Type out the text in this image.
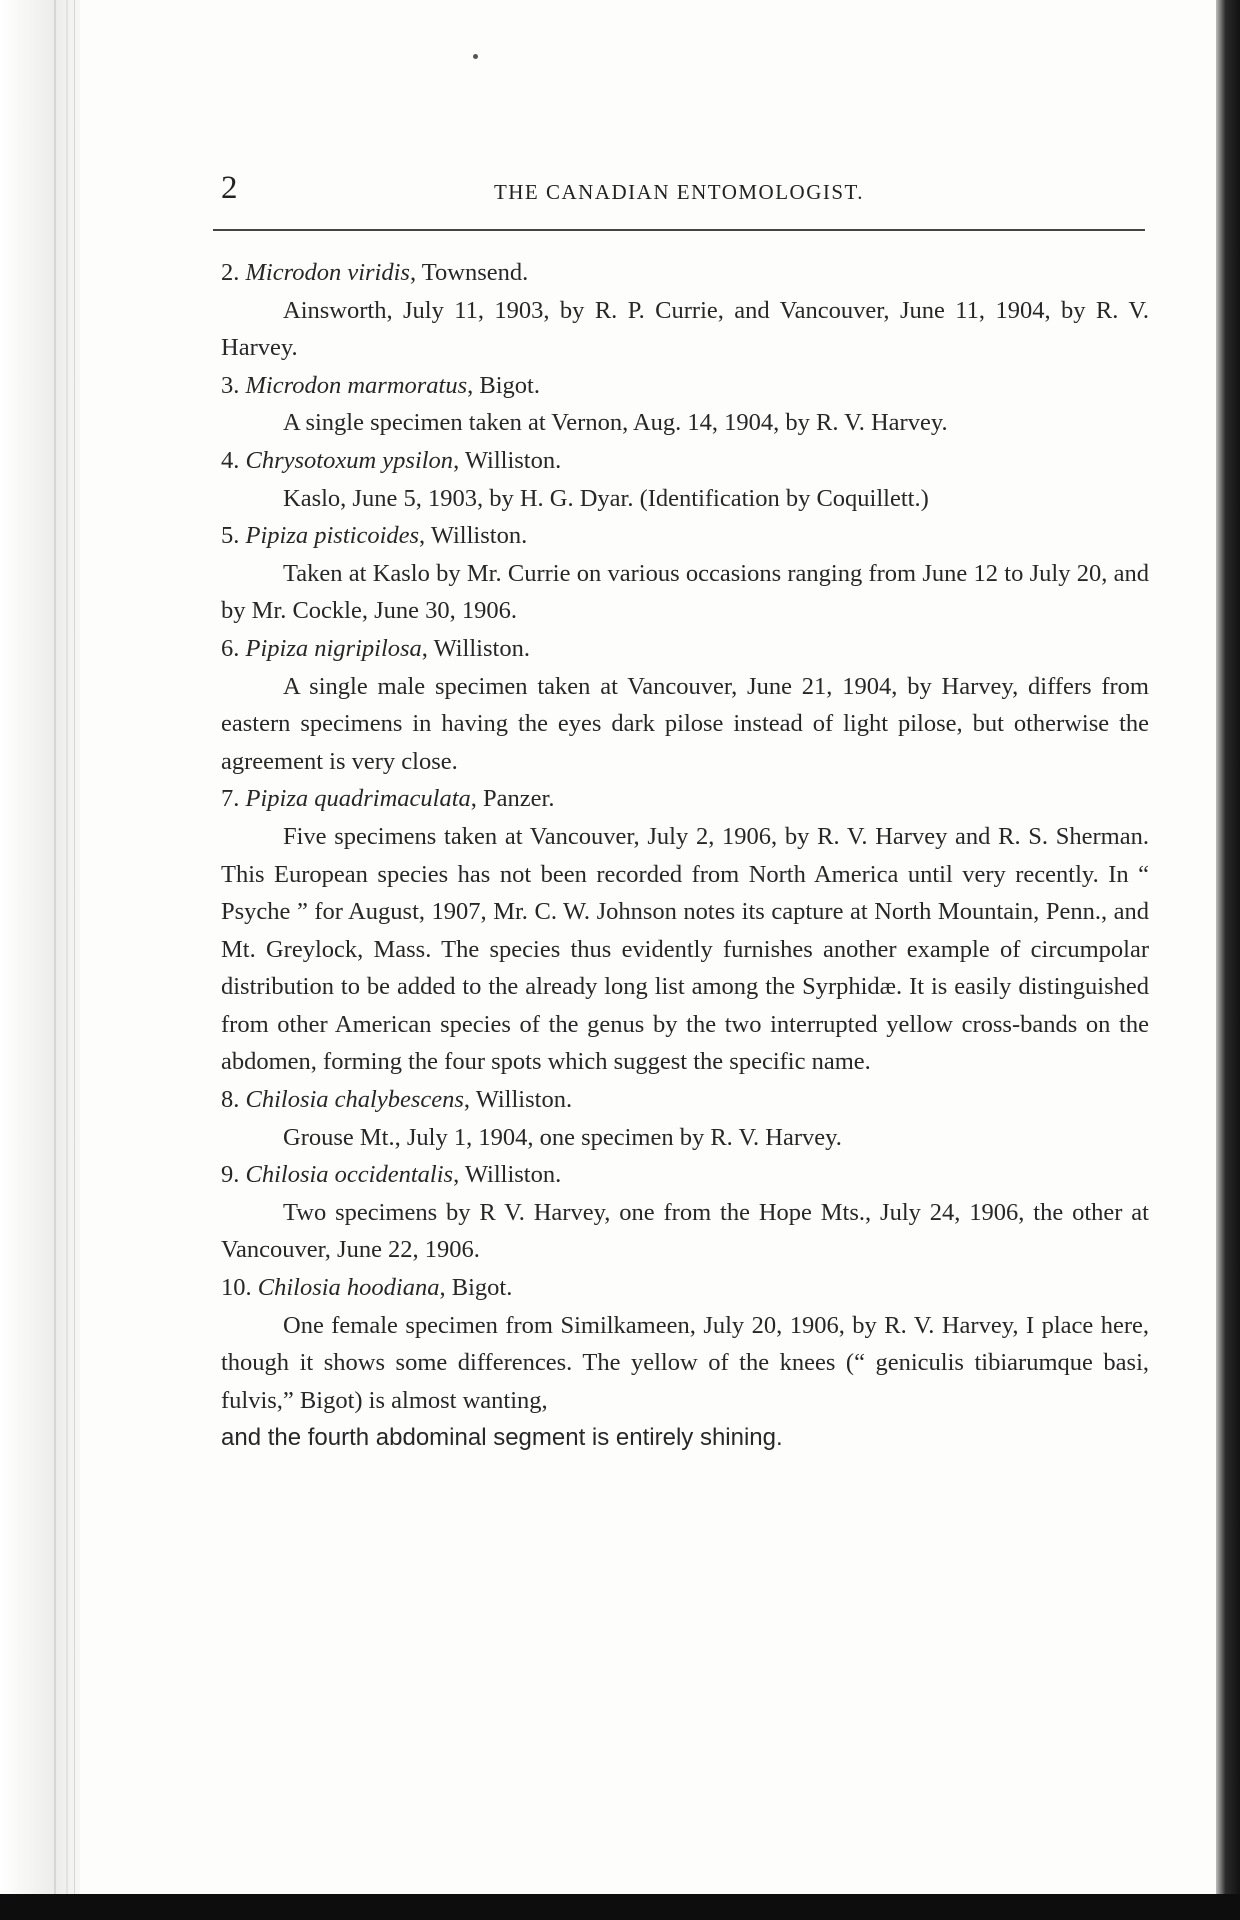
2	THE CANADIAN ENTOMOLOGIST.

2. Microdon viridis, Townsend.

Ainsworth, July 11, 1903, by R. P. Currie, and Vancouver, June 11, 1904, by R. V. Harvey.

3. Microdon marmoratus, Bigot.

A single specimen taken at Vernon, Aug. 14, 1904, by R. V. Harvey.

4. Chrysotoxum ypsilon, Williston.

Kaslo, June 5, 1903, by H. G. Dyar. (Identification by Coquillett.)

5. Pipiza pisticoides, Williston.

Taken at Kaslo by Mr. Currie on various occasions ranging from June 12 to July 20, and by Mr. Cockle, June 30, 1906.

6. Pipiza nigripilosa, Williston.

A single male specimen taken at Vancouver, June 21, 1904, by Harvey, differs from eastern specimens in having the eyes dark pilose instead of light pilose, but otherwise the agreement is very close.

7. Pipiza quadrimaculata, Panzer.

Five specimens taken at Vancouver, July 2, 1906, by R. V. Harvey and R. S. Sherman. This European species has not been recorded from North America until very recently. In “ Psyche ” for August, 1907, Mr. C. W. Johnson notes its capture at North Mountain, Penn., and Mt. Greylock, Mass. The species thus evidently furnishes another example of circumpolar distribution to be added to the already long list among the Syrphidæ. It is easily distinguished from other American species of the genus by the two interrupted yellow cross-bands on the abdomen, forming the four spots which suggest the specific name.

8. Chilosia chalybescens, Williston.

Grouse Mt., July 1, 1904, one specimen by R. V. Harvey.

9. Chilosia occidentalis, Williston.

Two specimens by R V. Harvey, one from the Hope Mts., July 24, 1906, the other at Vancouver, June 22, 1906.

10. Chilosia hoodiana, Bigot.

One female specimen from Similkameen, July 20, 1906, by R. V. Harvey, I place here, though it shows some differences. The yellow of the knees (“ geniculis tibiarumque basi, fulvis,” Bigot) is almost wanting,
and the fourth abdominal segment is entirely shining.
